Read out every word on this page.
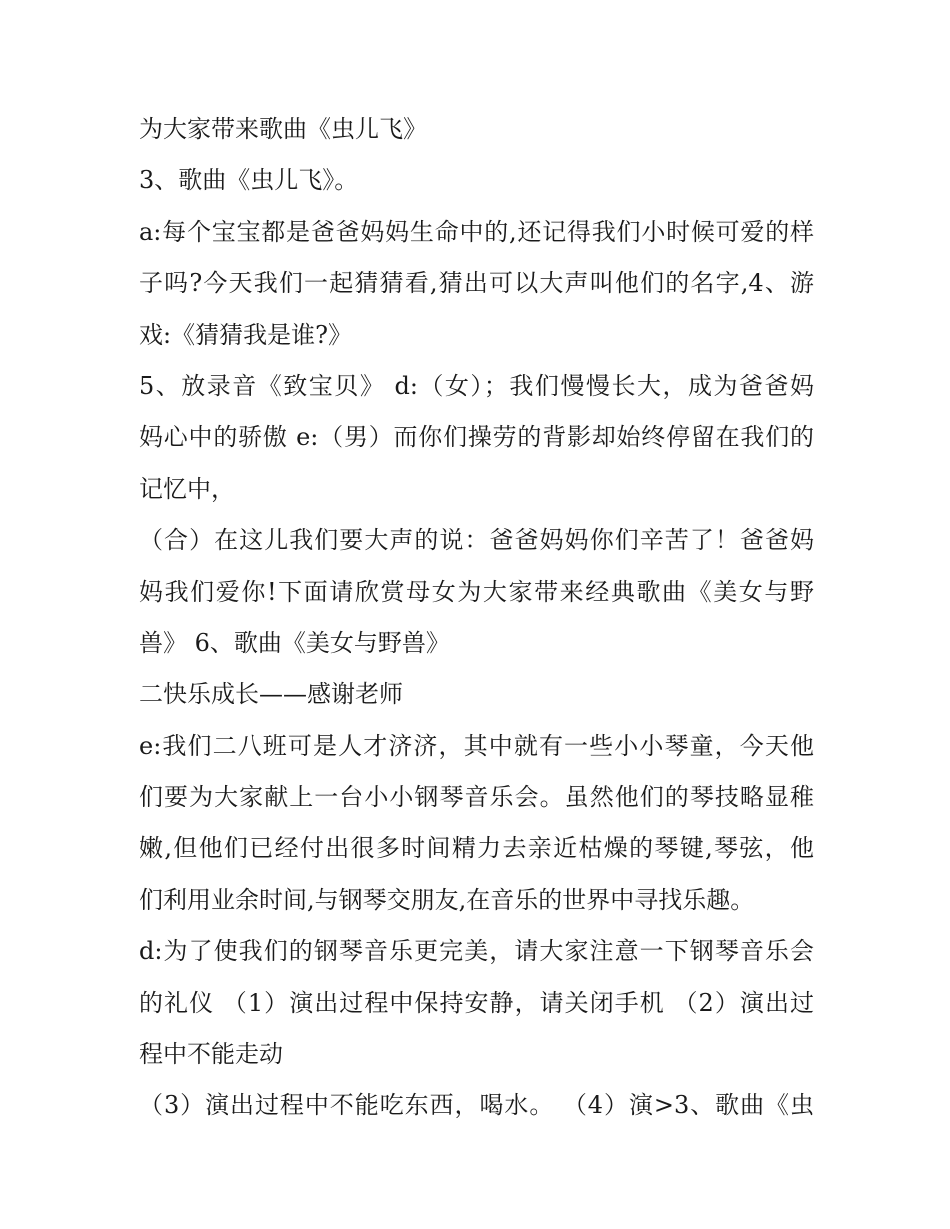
为大家带来歌曲《虫儿飞》
3、歌曲《虫儿飞》。
a:每个宝宝都是爸爸妈妈生命中的,还记得我们小时候可爱的样
子吗?今天我们一起猜猜看,猜出可以大声叫他们的名字,4、游
戏:《猜猜我是谁?》
5、放录音《致宝贝》 d:（女）；我们慢慢长大，成为爸爸妈
妈心中的骄傲 e:（男）而你们操劳的背影却始终停留在我们的
记忆中，
（合）在这儿我们要大声的说：爸爸妈妈你们辛苦了！爸爸妈
妈我们爱你!下面请欣赏母女为大家带来经典歌曲《美女与野
兽》 6、歌曲《美女与野兽》
二快乐成长——感谢老师
e:我们二八班可是人才济济，其中就有一些小小琴童，今天他
们要为大家献上一台小小钢琴音乐会。虽然他们的琴技略显稚
嫩,但他们已经付出很多时间精力去亲近枯燥的琴键,琴弦，他
们利用业余时间,与钢琴交朋友,在音乐的世界中寻找乐趣。
d:为了使我们的钢琴音乐更完美，请大家注意一下钢琴音乐会
的礼仪 （1）演出过程中保持安静，请关闭手机 （2）演出过
程中不能走动
（3）演出过程中不能吃东西，喝水。 （4）演>3、歌曲《虫
